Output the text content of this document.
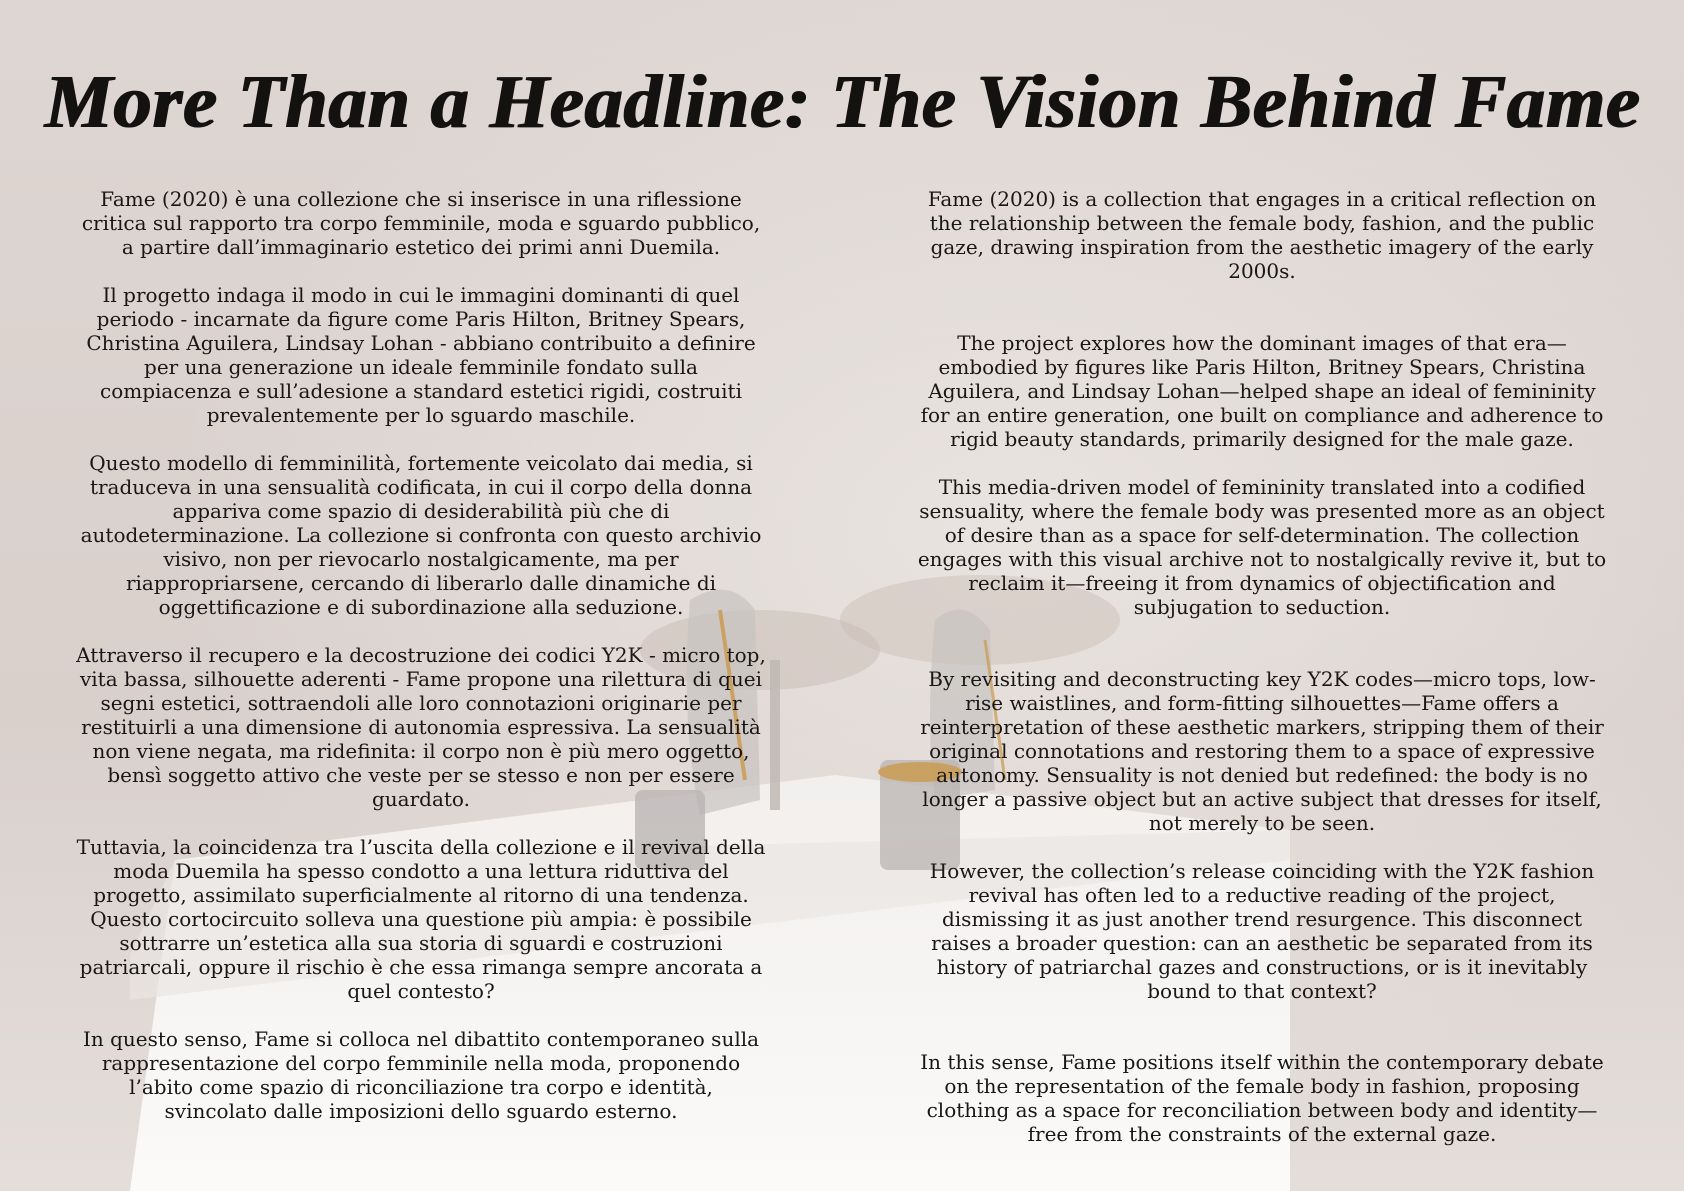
More Than a Headline: The Vision Behind Fame

Fame (2020) è una collezione che si inserisce in una riflessione critica sul rapporto tra corpo femminile, moda e sguardo pubblico, a partire dall’immaginario estetico dei primi anni Duemila.

Il progetto indaga il modo in cui le immagini dominanti di quel periodo - incarnate da figure come Paris Hilton, Britney Spears, Christina Aguilera, Lindsay Lohan - abbiano contribuito a definire per una generazione un ideale femminile fondato sulla compiacenza e sull’adesione a standard estetici rigidi, costruiti prevalentemente per lo sguardo maschile.

Questo modello di femminilità, fortemente veicolato dai media, si traduceva in una sensualità codificata, in cui il corpo della donna appariva come spazio di desiderabilità più che di autodeterminazione. La collezione si confronta con questo archivio visivo, non per rievocarlo nostalgicamente, ma per riappropriarsene, cercando di liberarlo dalle dinamiche di oggettificazione e di subordinazione alla seduzione.

Attraverso il recupero e la decostruzione dei codici Y2K - micro top, vita bassa, silhouette aderenti - Fame propone una rilettura di quei segni estetici, sottraendoli alle loro connotazioni originarie per restituirli a una dimensione di autonomia espressiva. La sensualità non viene negata, ma ridefinita: il corpo non è più mero oggetto, bensì soggetto attivo che veste per se stesso e non per essere guardato.

Tuttavia, la coincidenza tra l’uscita della collezione e il revival della moda Duemila ha spesso condotto a una lettura riduttiva del progetto, assimilato superficialmente al ritorno di una tendenza. Questo cortocircuito solleva una questione più ampia: è possibile sottrarre un’estetica alla sua storia di sguardi e costruzioni patriarcali, oppure il rischio è che essa rimanga sempre ancorata a quel contesto?

In questo senso, Fame si colloca nel dibattito contemporaneo sulla rappresentazione del corpo femminile nella moda, proponendo l’abito come spazio di riconciliazione tra corpo e identità, svincolato dalle imposizioni dello sguardo esterno.

Fame (2020) is a collection that engages in a critical reflection on the relationship between the female body, fashion, and the public gaze, drawing inspiration from the aesthetic imagery of the early 2000s.

The project explores how the dominant images of that era—embodied by figures like Paris Hilton, Britney Spears, Christina Aguilera, and Lindsay Lohan—helped shape an ideal of femininity for an entire generation, one built on compliance and adherence to rigid beauty standards, primarily designed for the male gaze.

This media-driven model of femininity translated into a codified sensuality, where the female body was presented more as an object of desire than as a space for self-determination. The collection engages with this visual archive not to nostalgically revive it, but to reclaim it—freeing it from dynamics of objectification and subjugation to seduction.

By revisiting and deconstructing key Y2K codes—micro tops, low-rise waistlines, and form-fitting silhouettes—Fame offers a reinterpretation of these aesthetic markers, stripping them of their original connotations and restoring them to a space of expressive autonomy. Sensuality is not denied but redefined: the body is no longer a passive object but an active subject that dresses for itself, not merely to be seen.

However, the collection’s release coinciding with the Y2K fashion revival has often led to a reductive reading of the project, dismissing it as just another trend resurgence. This disconnect raises a broader question: can an aesthetic be separated from its history of patriarchal gazes and constructions, or is it inevitably bound to that context?

In this sense, Fame positions itself within the contemporary debate on the representation of the female body in fashion, proposing clothing as a space for reconciliation between body and identity—free from the constraints of the external gaze.
